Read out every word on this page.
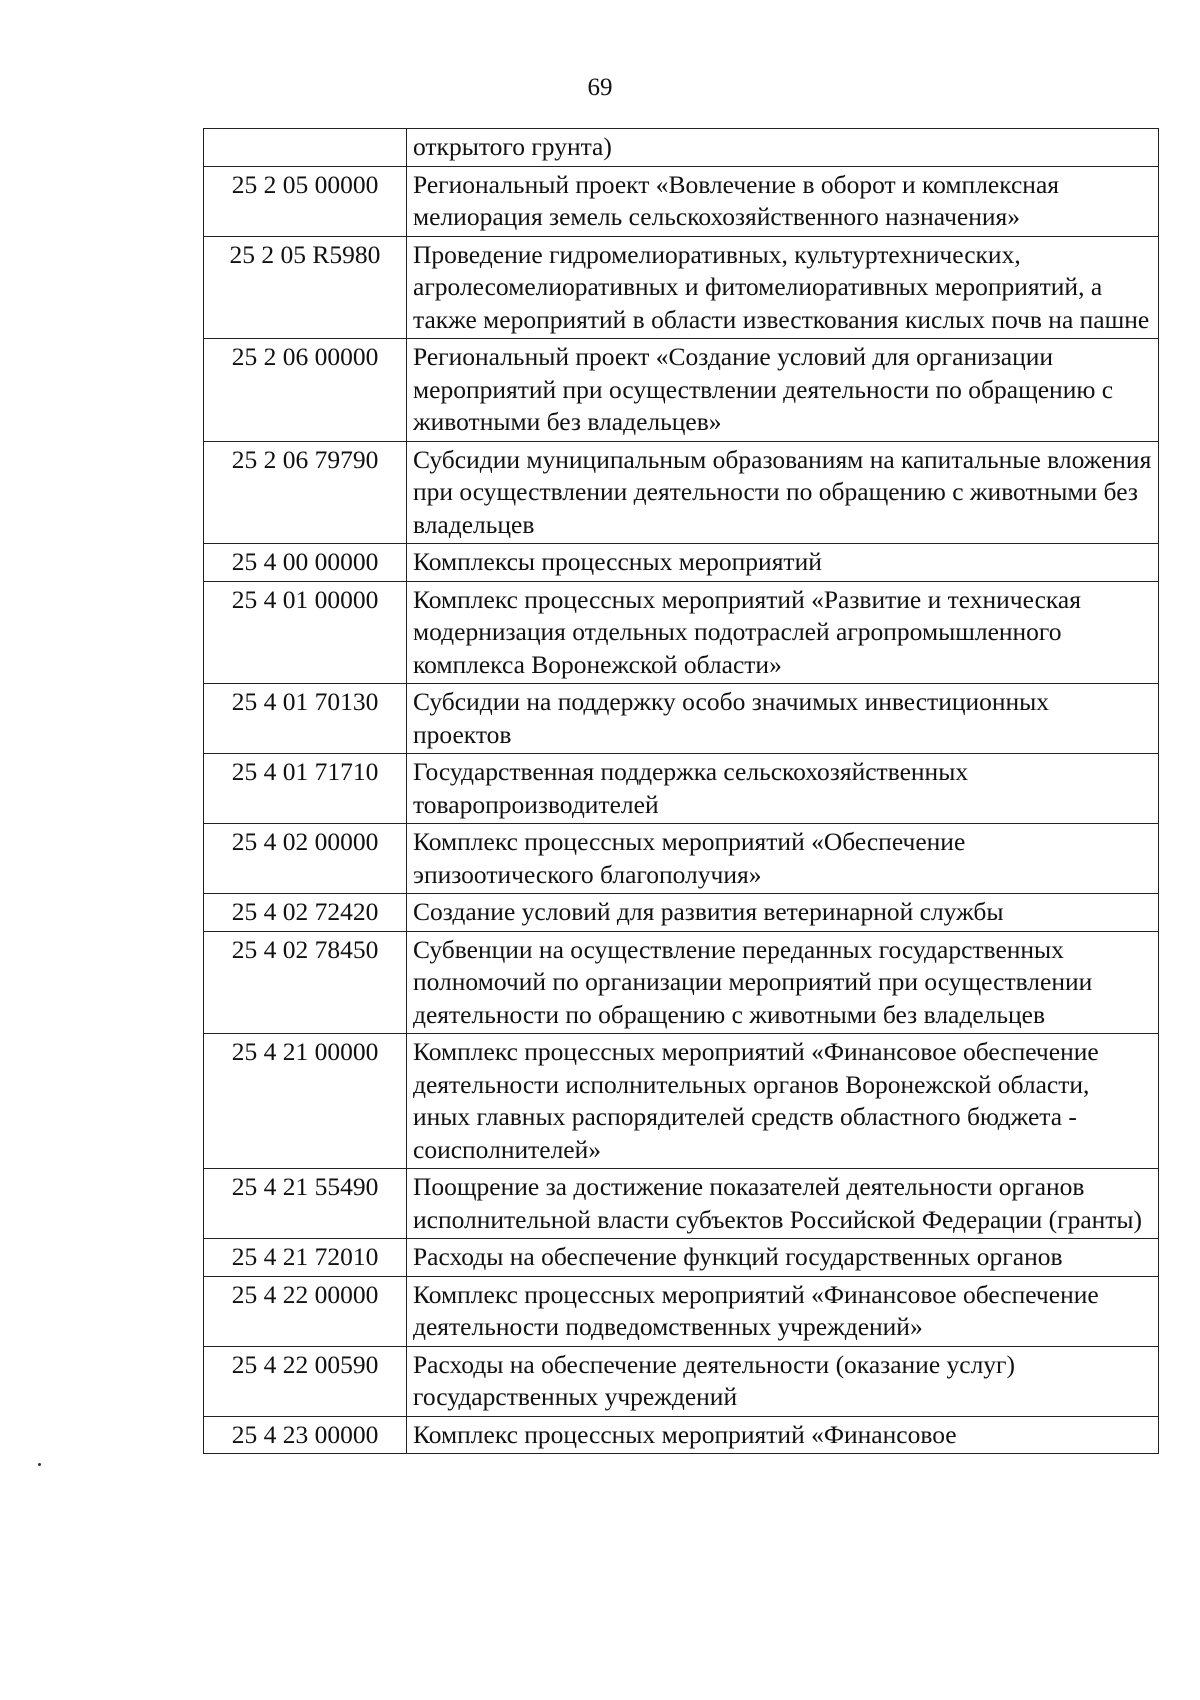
69
	открытого грунта)
25 2 05 00000	Региональный проект «Вовлечение в оборот и комплексная мелиорация земель сельскохозяйственного назначения»
25 2 05 R5980	Проведение гидромелиоративных, культуртехнических, агролесомелиоративных и фитомелиоративных мероприятий, а также мероприятий в области известкования кислых почв на пашне
25 2 06 00000	Региональный проект «Создание условий для организации мероприятий при осуществлении деятельности по обращению с животными без владельцев»
25 2 06 79790	Субсидии муниципальным образованиям на капитальные вложения при осуществлении деятельности по обращению с животными без владельцев
25 4 00 00000	Комплексы процессных мероприятий
25 4 01 00000	Комплекс процессных мероприятий «Развитие и техническая модернизация отдельных подотраслей агропромышленного комплекса Воронежской области»
25 4 01 70130	Субсидии на поддержку особо значимых инвестиционных проектов
25 4 01 71710	Государственная поддержка сельскохозяйственных товаропроизводителей
25 4 02 00000	Комплекс процессных мероприятий «Обеспечение эпизоотического благополучия»
25 4 02 72420	Создание условий для развития ветеринарной службы
25 4 02 78450	Субвенции на осуществление переданных государственных полномочий по организации мероприятий при осуществлении деятельности по обращению с животными без владельцев
25 4 21 00000	Комплекс процессных мероприятий «Финансовое обеспечение деятельности исполнительных органов Воронежской области, иных главных распорядителей средств областного бюджета - соисполнителей»
25 4 21 55490	Поощрение за достижение показателей деятельности органов исполнительной власти субъектов Российской Федерации (гранты)
25 4 21 72010	Расходы на обеспечение функций государственных органов
25 4 22 00000	Комплекс процессных мероприятий «Финансовое обеспечение деятельности подведомственных учреждений»
25 4 22 00590	Расходы на обеспечение деятельности (оказание услуг) государственных учреждений
25 4 23 00000	Комплекс процессных мероприятий «Финансовое
